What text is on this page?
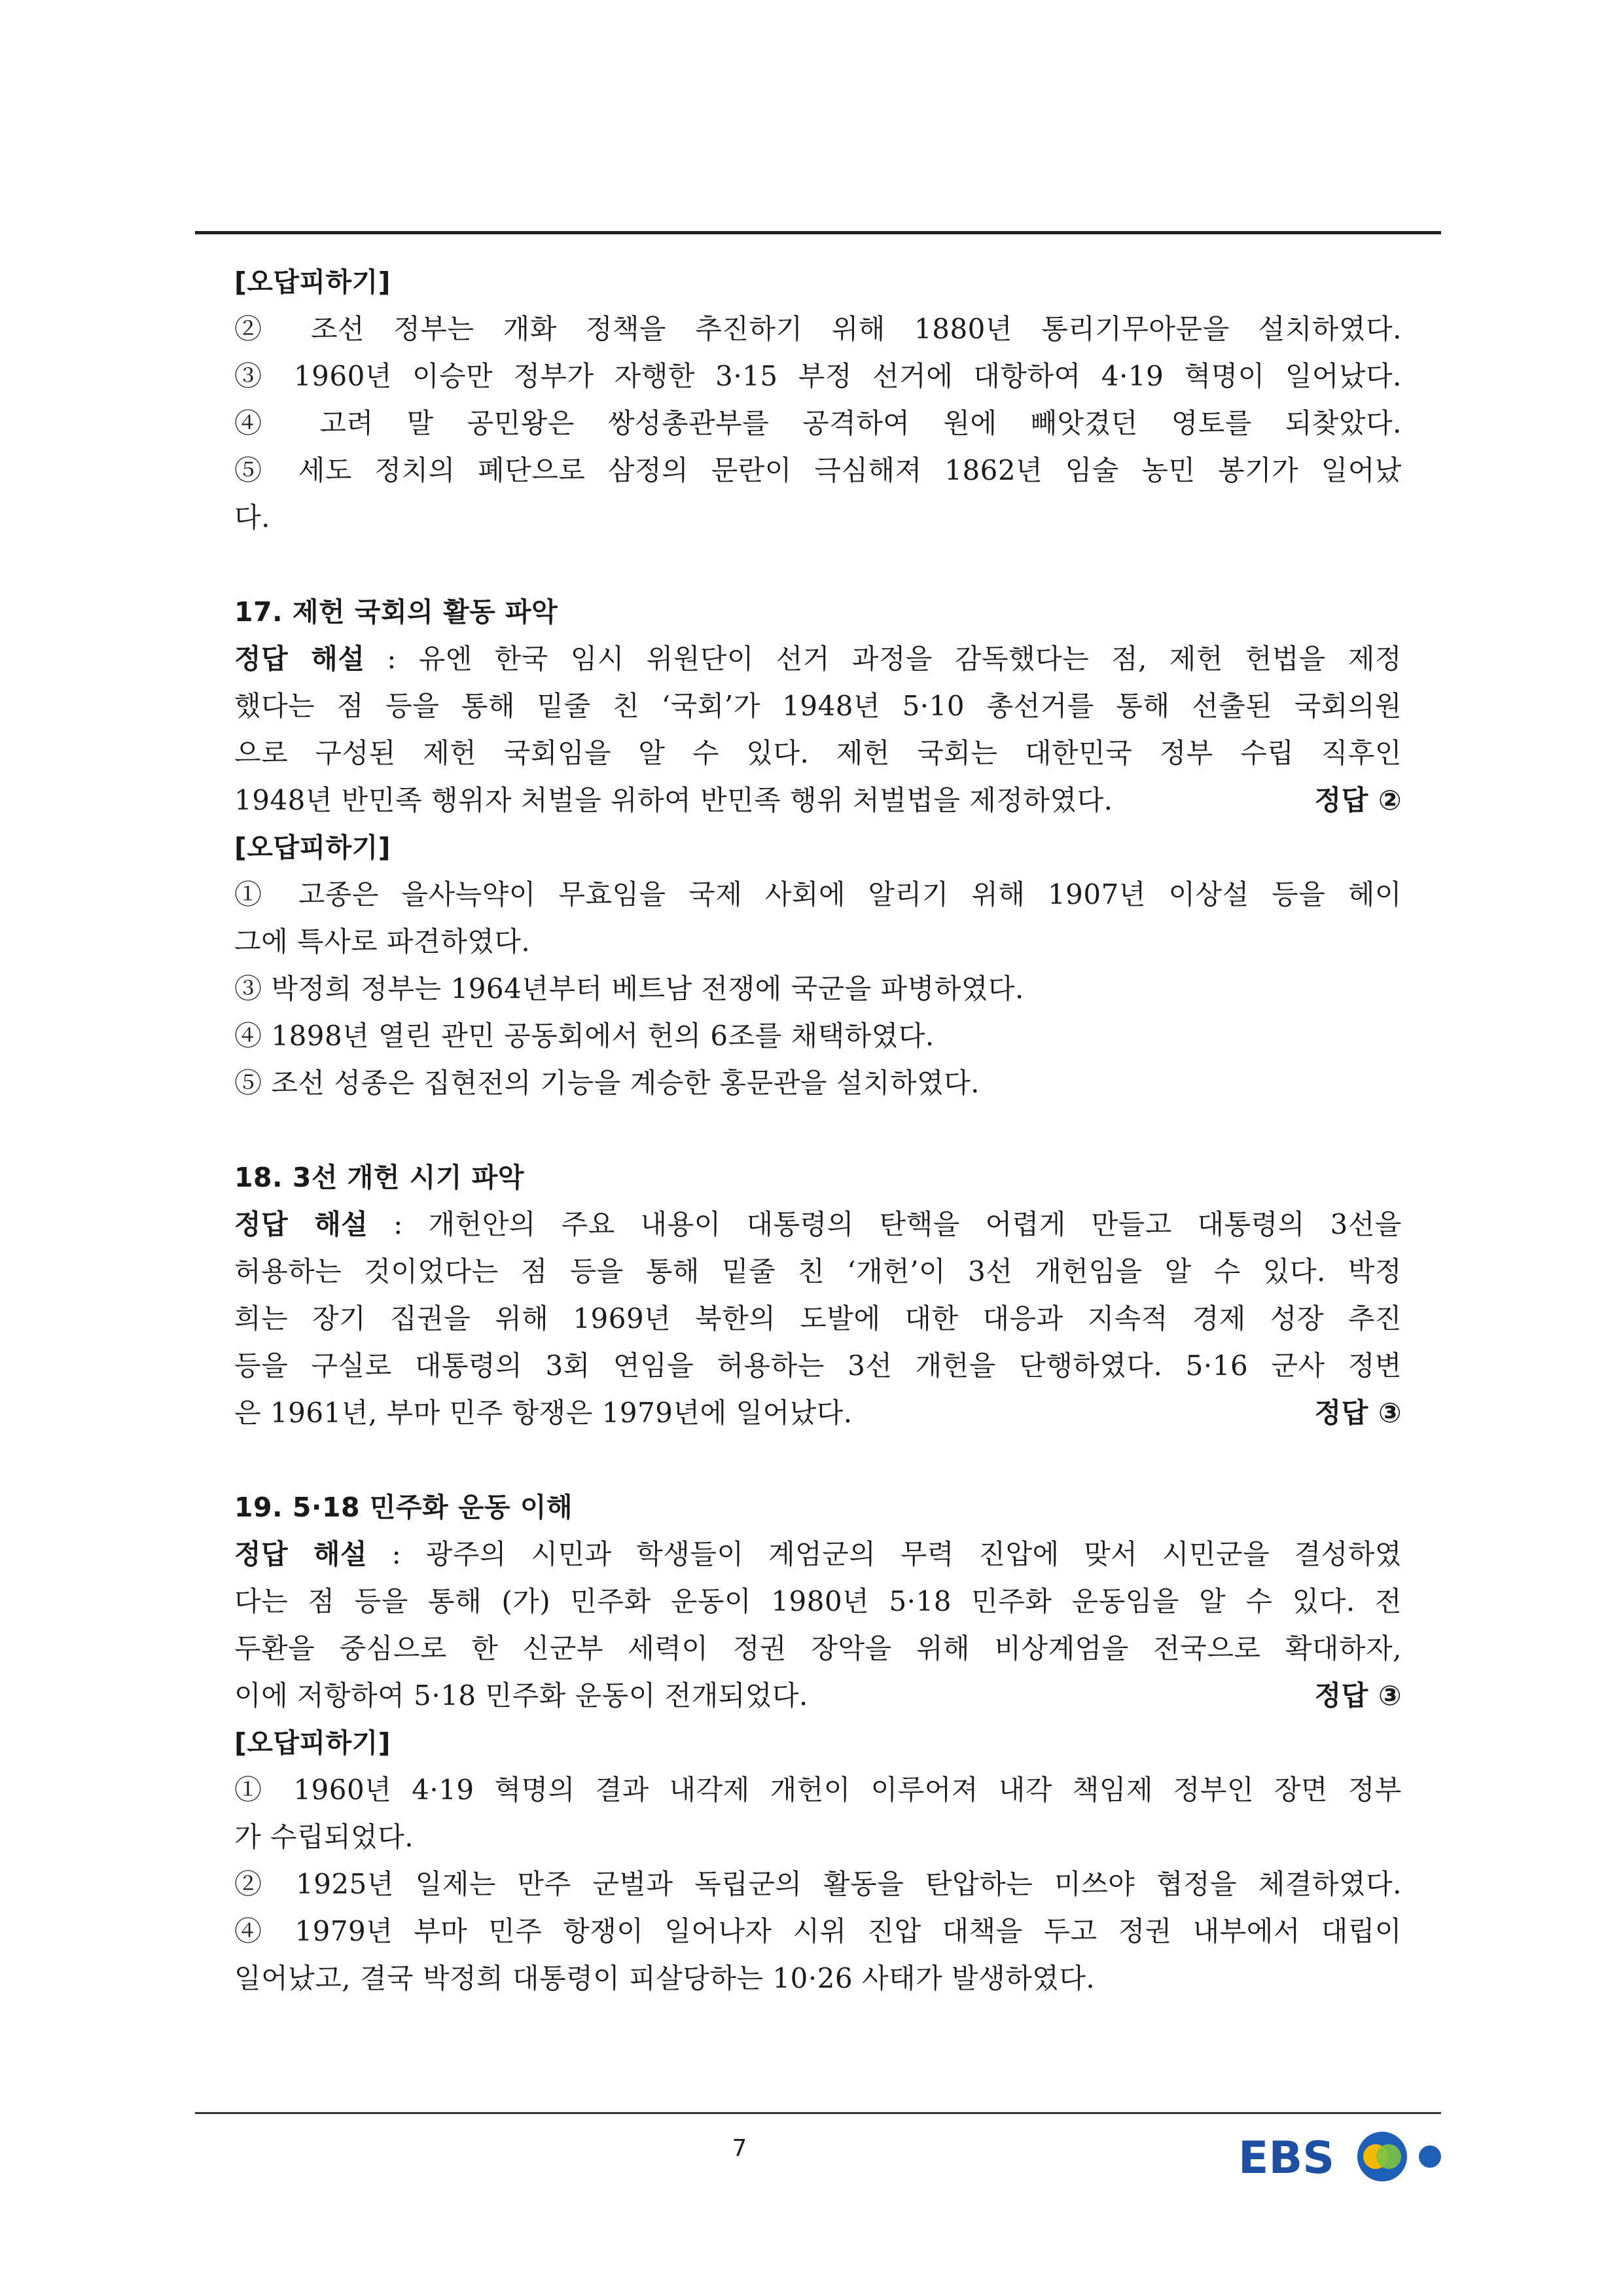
[오답피하기]
② 조선 정부는 개화 정책을 추진하기 위해 1880년 통리기무아문을 설치하였다.
③ 1960년 이승만 정부가 자행한 3·15 부정 선거에 대항하여 4·19 혁명이 일어났다.
④ 고려 말 공민왕은 쌍성총관부를 공격하여 원에 빼앗겼던 영토를 되찾았다.
⑤ 세도 정치의 폐단으로 삼정의 문란이 극심해져 1862년 임술 농민 봉기가 일어났
다.
17. 제헌 국회의 활동 파악
정답 해설 : 유엔 한국 임시 위원단이 선거 과정을 감독했다는 점, 제헌 헌법을 제정
했다는 점 등을 통해 밑줄 친 ‘국회’가 1948년 5·10 총선거를 통해 선출된 국회의원
으로 구성된 제헌 국회임을 알 수 있다. 제헌 국회는 대한민국 정부 수립 직후인
1948년 반민족 행위자 처벌을 위하여 반민족 행위 처벌법을 제정하였다.	정답 ②
[오답피하기]
① 고종은 을사늑약이 무효임을 국제 사회에 알리기 위해 1907년 이상설 등을 헤이
그에 특사로 파견하였다.
③ 박정희 정부는 1964년부터 베트남 전쟁에 국군을 파병하였다.
④ 1898년 열린 관민 공동회에서 헌의 6조를 채택하였다.
⑤ 조선 성종은 집현전의 기능을 계승한 홍문관을 설치하였다.
18. 3선 개헌 시기 파악
정답 해설 : 개헌안의 주요 내용이 대통령의 탄핵을 어렵게 만들고 대통령의 3선을
허용하는 것이었다는 점 등을 통해 밑줄 친 ‘개헌’이 3선 개헌임을 알 수 있다. 박정
희는 장기 집권을 위해 1969년 북한의 도발에 대한 대응과 지속적 경제 성장 추진
등을 구실로 대통령의 3회 연임을 허용하는 3선 개헌을 단행하였다. 5·16 군사 정변
은 1961년, 부마 민주 항쟁은 1979년에 일어났다.	정답 ③
19. 5·18 민주화 운동 이해
정답 해설 : 광주의 시민과 학생들이 계엄군의 무력 진압에 맞서 시민군을 결성하였
다는 점 등을 통해 (가) 민주화 운동이 1980년 5·18 민주화 운동임을 알 수 있다. 전
두환을 중심으로 한 신군부 세력이 정권 장악을 위해 비상계엄을 전국으로 확대하자,
이에 저항하여 5·18 민주화 운동이 전개되었다.	정답 ③
[오답피하기]
① 1960년 4·19 혁명의 결과 내각제 개헌이 이루어져 내각 책임제 정부인 장면 정부
가 수립되었다.
② 1925년 일제는 만주 군벌과 독립군의 활동을 탄압하는 미쓰야 협정을 체결하였다.
④ 1979년 부마 민주 항쟁이 일어나자 시위 진압 대책을 두고 정권 내부에서 대립이
일어났고, 결국 박정희 대통령이 피살당하는 10·26 사태가 발생하였다.
7	EBS
